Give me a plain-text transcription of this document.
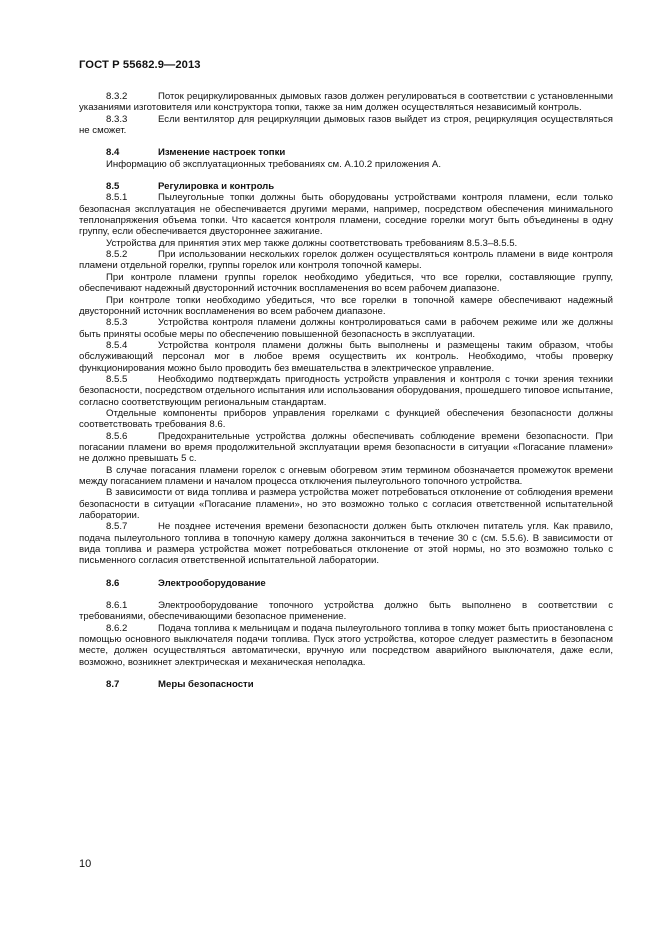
ГОСТ Р 55682.9—2013

8.3.2	Поток рециркулированных дымовых газов должен регулироваться в соответствии с установленными указаниями изготовителя или конструктора топки, также за ним должен осуществляться независимый контроль.

8.3.3	Если вентилятор для рециркуляции дымовых газов выйдет из строя, рециркуляция осуществляться не сможет.

8.4	Изменение настроек топки

Информацию об эксплуатационных требованиях см. А.10.2 приложения А.

8.5	Регулировка и контроль

8.5.1	Пылеугольные топки должны быть оборудованы устройствами контроля пламени, если только безопасная эксплуатация не обеспечивается другими мерами, например, посредством обеспечения минимального теплонапряжения объема топки. Что касается контроля пламени, соседние горелки могут быть объединены в одну группу, если обеспечивается двустороннее зажигание.

Устройства для принятия этих мер также должны соответствовать требованиям 8.5.3–8.5.5.

8.5.2	При использовании нескольких горелок должен осуществляться контроль пламени в виде контроля пламени отдельной горелки, группы горелок или контроля топочной камеры.

При контроле пламени группы горелок необходимо убедиться, что все горелки, составляющие группу, обеспечивают надежный двусторонний источник воспламенения во всем рабочем диапазоне.

При контроле топки необходимо убедиться, что все горелки в топочной камере обеспечивают надежный двусторонний источник воспламенения во всем рабочем диапазоне.

8.5.3	Устройства контроля пламени должны контролироваться сами в рабочем режиме или же должны быть приняты особые меры по обеспечению повышенной безопасность в эксплуатации.

8.5.4	Устройства контроля пламени должны быть выполнены и размещены таким образом, чтобы обслуживающий персонал мог в любое время осуществить их контроль. Необходимо, чтобы проверку функционирования можно было проводить без вмешательства в электрическое управление.

8.5.5	Необходимо подтверждать пригодность устройств управления и контроля с точки зрения техники безопасности, посредством отдельного испытания или использования оборудования, прошедшего типовое испытание, согласно соответствующим региональным стандартам.

Отдельные компоненты приборов управления горелками с функцией обеспечения безопасности должны соответствовать требования 8.6.

8.5.6	Предохранительные устройства должны обеспечивать соблюдение времени безопасности. При погасании пламени во время продолжительной эксплуатации время безопасности в ситуации «Погасание пламени» не должно превышать 5 с.

В случае погасания пламени горелок с огневым обогревом этим термином обозначается промежуток времени между погасанием пламени и началом процесса отключения пылеугольного топочного устройства.

В зависимости от вида топлива и размера устройства может потребоваться отклонение от соблюдения времени безопасности в ситуации «Погасание пламени», но это возможно только с согласия ответственной испытательной лаборатории.

8.5.7	Не позднее истечения времени безопасности должен быть отключен питатель угля. Как правило, подача пылеугольного топлива в топочную камеру должна закончиться в течение 30 с (см. 5.5.6). В зависимости от вида топлива и размера устройства может потребоваться отклонение от этой нормы, но это возможно только с письменного согласия ответственной испытательной лаборатории.

8.6	Электрооборудование

8.6.1	Электрооборудование топочного устройства должно быть выполнено в соответствии с требованиями, обеспечивающими безопасное применение.

8.6.2	Подача топлива к мельницам и подача пылеугольного топлива в топку может быть приостановлена с помощью основного выключателя подачи топлива. Пуск этого устройства, которое следует разместить в безопасном месте, должен осуществляться автоматически, вручную или посредством аварийного выключателя, даже если, возможно, возникнет электрическая и механическая неполадка.

8.7	Меры безопасности

10
